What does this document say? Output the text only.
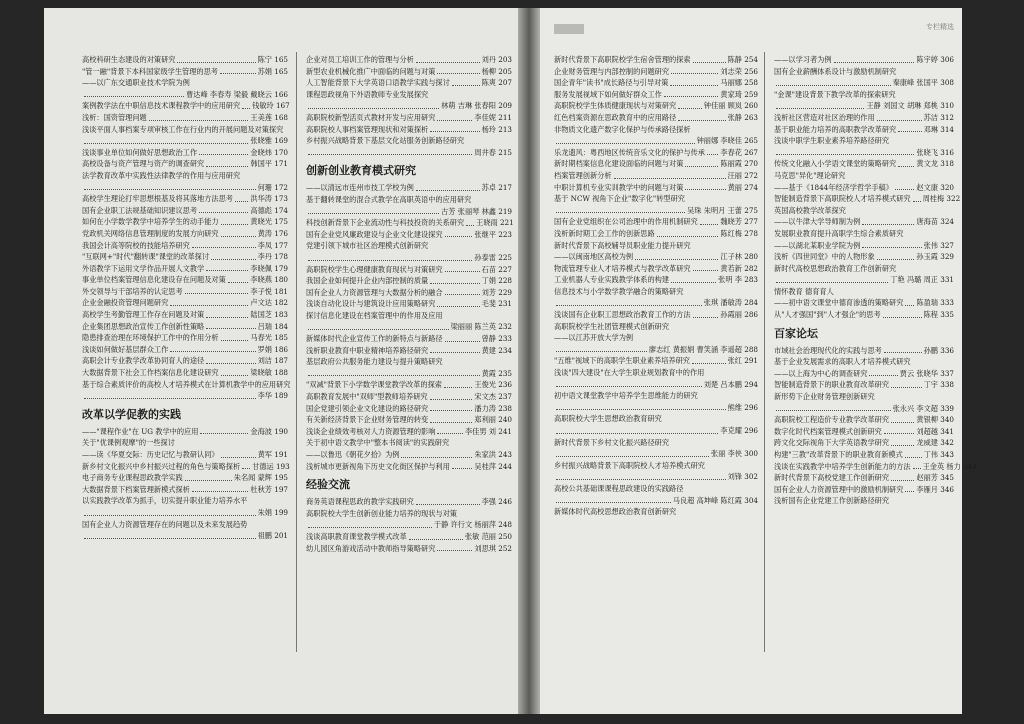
高校科研生态建设的对策研究	陈宁 165
"管一融"背景下本科国家级学生管理的思考	苏娟 165
——以广东交通职业技术学院为例
曹达峰 李春寿 梁毅 戴晓云 166
案例教学法在中职信息技术课程教学中的应用研究 钱敏玲 167
浅析：国资管理问题	王美莲 168
浅谈平面人事档案专项审核工作在行业内的开展问题及对策探究
张晓雅 169
浅谈事业单位如何做好思想政治工作	金晓炜 170
高校设备与资产管理与资产的调查研究	韩国平 171
法学教育改革中实践性法律教学的作用与应用研究
何珊 172
高校学生理论打牢思想根基及将其落地方法思考 洪华涛 173
国有企业职工法规基础知识建议思考	高德彪 174
如何在小学数学教学中培养学生的动手能力	黄晓光 175
党政机关网络信息管理制度的发展方向研究	黄涛 176
我国会计高等院校的技能培养研究	李凤 177
"互联网+"时代"翻转课"课堂的改革探讨	李丹 178
外语教学下运用文学作品开展人文教学	李晓佩 179
事业单位档案管理信息化建设存在问题及对策	李晓燕 180
外交领导与干部培养的认定思考	李子悦 181
企业金融投资管理问题研究	卢文达 182
高校学生考勤管理工作存在问题及对策	陆国芝 183
企业集团思想政治宣传工作创新性策略	吕瑞 184
隐患排查治理在环境保护工作中的作用分析	马春光 185
浅谈如何做好基层群众工作	罗娟 186
高职会计专业教学改革协同育人的途径	刘洁 187
大数据背景下社会工作档案信息化建设研究	梁晓敏 188
基于综合素质评价的高校人才培养模式在计算机教学中的应用研究
李华 189
改革以学促教的实践
——"课程作业"在 UG 教学中的应用	金海波 190
关于"优课例观摩"的一些探讨
——读《华夏交际：历史记忆与教研认同》	黄军 191
新乡村文化振兴中乡村振兴过程的角色与策略探析 甘德运 193
电子商务专业课程思政教学实践	朱名闻 蒙辉 195
大数据背景下档案管理新模式探析	杜秋芳 197
以实践教学改革为抓手，切实提升职业能力培养水平
朱娟 199
国有企业人力资源管理存在的问题以及未来发展趋势
祖鹏 201
企业对员工培训工作的管理与分析	刘丹 203
新型农业机械化推广中面临的问题与对策	杨柳 205
人工智能背景下大学英语口语教学实践与探讨	陈爽 207
课程思政视角下外语教师专业发展探究
林萌 吉琳 张春阳 209
高职院校新型活页式教材开发与应用研究	李佳妮 211
高职院校人事档案管理现状和对策探析	杨玲 213
乡村振兴战略背景下基层文化站服务创新路径研究
周井春 215
创新创业教育模式研究
——以清远市连州市技工学校为例	苏卓 217
基于翻转课堂的混合式教学在高职英语中的应用研究
古芳 张丽琴 林鑫 219
科技创新背景下企业流动性与科技投资的关系研究 王晓雨 221
国有企业党风廉政建设与企业文化建设探究	张继平 223
党建引领下城市社区治理模式创新研究
孙泰雷 225
高职院校学生心理健康教育现状与对策研究	石苗 227
我国企业如何提升企业内部控制的质量	丁娟 228
国有企业人力资源管理与大数据分析的融合	刘芳 229
浅谈自动化设计与建筑设计应用策略研究	毛斐 231
探讨信息化建设在档案管理中的作用及应用
梁丽丽 陈兰英 232
新媒体时代企业宣传工作的新特点与新路径	曾静 233
浅析职业教育中职业精神培养路径研究	黄建 234
基层政府公共服务能力建设与提升策略研究
黄霞 235
"双减"背景下小学数学课堂教学改革的探索	王俊光 236
高职教育发展中"双师"型教师培养研究	宋文杰 237
国企党建引领企业文化建设的路径研究	潘力涛 238
有关新经济背景下企业财务管理的转变	郑利丽 240
浅谈企业绩效考核对人力资源管理的影响	李佳男 刘 241
关于初中语文教学中"整本书阅读"的实践研究
——以鲁迅《朝花夕拾》为例	朱家洪 243
浅析城市更新视角下历史文化街区保护与利用	吴桂萍 244
经验交流
商务英语课程思政的教学实践研究	李强 246
高职院校大学生创新创业能力培养的现状与对策
于静 许行文 杨丽萍 248
浅谈高职教育课堂教学模式改革	张敏 范丽 250
幼儿园区角游戏活动中教师指导策略研究	刘思琪 252
专栏精选
新时代背景下高职院校学生宿舍管理的探索	陈静 254
企业财务管理与内部控制的问题研究	刘志荣 256
国企青年"读书"成长路径与引导对策	马丽娜 258
服务发展视域下如何做好群众工作	黄家琦 259
高职院校学生体质健康现状与对策研究	钟佳丽 顾岚 260
红色档案资源在思政教育中的应用路径	张静 263
非物质文化遗产数字化保护与传承路径探析
钟丽娜 李晓佳 265
乐龙遗风：粤西地区传统音乐文化的保护与传承 李春花 267
新时期档案信息化建设面临的问题与对策	陈丽霞 270
档案管理创新分析	汪丽 272
中职计算机专业实训教学中的问题与对策	黄丽 274
基于 NCW 视角下企业"数字化"转型研究
吴珠 朱明月 王蕾 275
国有企业党组织在公司治理中的作用机制研究	魏晓芳 277
浅析新时期工会工作的创新思路	陈红梅 278
新时代背景下高校辅导员职业能力提升研究
——以闽南地区高校为例	江子林 280
物流管理专业人才培养模式与教学改革研究	黄若新 282
工业机器人专业实践教学体系的构建	张明 李 283
信息技术与小学数学教学融合的策略研究
张琪 潘敏涛 284
浅谈国有企业职工思想政治教育工作的方法	孙霞丽 286
高职院校学生社团管理模式创新研究
——以江苏开放大学为例
廖志红 黄振娟 曹笑涵 李遥超 288
"五维"视域下的高职学生职业素养培养研究	张红 291
浅谈"四大建设"在大学生职业规划教育中的作用
刘楚 吕本鹏 294
初中语文课堂教学中培养学生思维能力的研究
熊维 296
高职院校大学生思想政治教育研究
李克耀 296
新时代背景下乡村文化振兴路径研究
张丽 李侠 300
乡村振兴战略背景下高职院校人才培养模式研究
刘锋 302
高校公共基础课课程思政建设的实践路径
马良超 高坤峰 陈红霞 304
新媒体时代高校思想政治教育创新研究
——以学习者为例	陈宇婷 306
国有企业薪酬体系设计与激励机制研究
秦康峰 张国平 308
"金课"建设背景下教学改革的探索研究
王静 刘国文 胡琳 郑桃 310
浅析社区营造对社区治理的作用	苏洁 312
基于职业能力培养的高职教学改革研究	邓琳 314
浅谈中职学生职业素养培养路径研究
张晓飞 316
传统文化融入小学语文课堂的策略研究	黄文龙 318
马克思"异化"理论研究
——基于《1844年经济学哲学手稿》	赵文康 320
智能制造背景下高职院校人才培养模式研究 周桂梅 322
英国高校教学改革探究
——以牛津大学导师制为例	唐海苗 324
发展职业教育提升高职学生综合素质研究
——以湖北某职业学院为例	张伟 327
浅析《四世同堂》中的人物形象	孙玉霞 329
新时代高校思想政治教育工作创新研究
丁艳 冯璐 周正 331
情怀教育 德育育人
——初中语文课堂中德育渗透的策略研究 陈盈瑞 333
从"人才强国"到"人才强企"的思考	陈程 335
百家论坛
市域社会治理现代化的实践与思考	孙鹏 336
基于企业发展需求的高职人才培养模式研究
——以上海为中心的调查研究	贾云 张晓华 337
智能制造背景下的职业教育改革研究	丁宇 338
新形势下企业财务管理创新研究
张永兴 李文超 339
高职院校工程造价专业教学改革研究	黄银柳 340
数字化时代档案管理模式创新研究	刘超越 341
跨文化交际视角下大学英语教学研究	龙威建 342
构建"三教"改革背景下的职业教育新模式	丁伟 343
浅谈在实践教学中培养学生创新能力的方法 王金英 杨力 344
新时代背景下高校党建工作创新研究	赵丽芳 345
国有企业人力资源管理中的激励机制研究 李雁月 346
浅析国有企业党建工作创新路径研究
